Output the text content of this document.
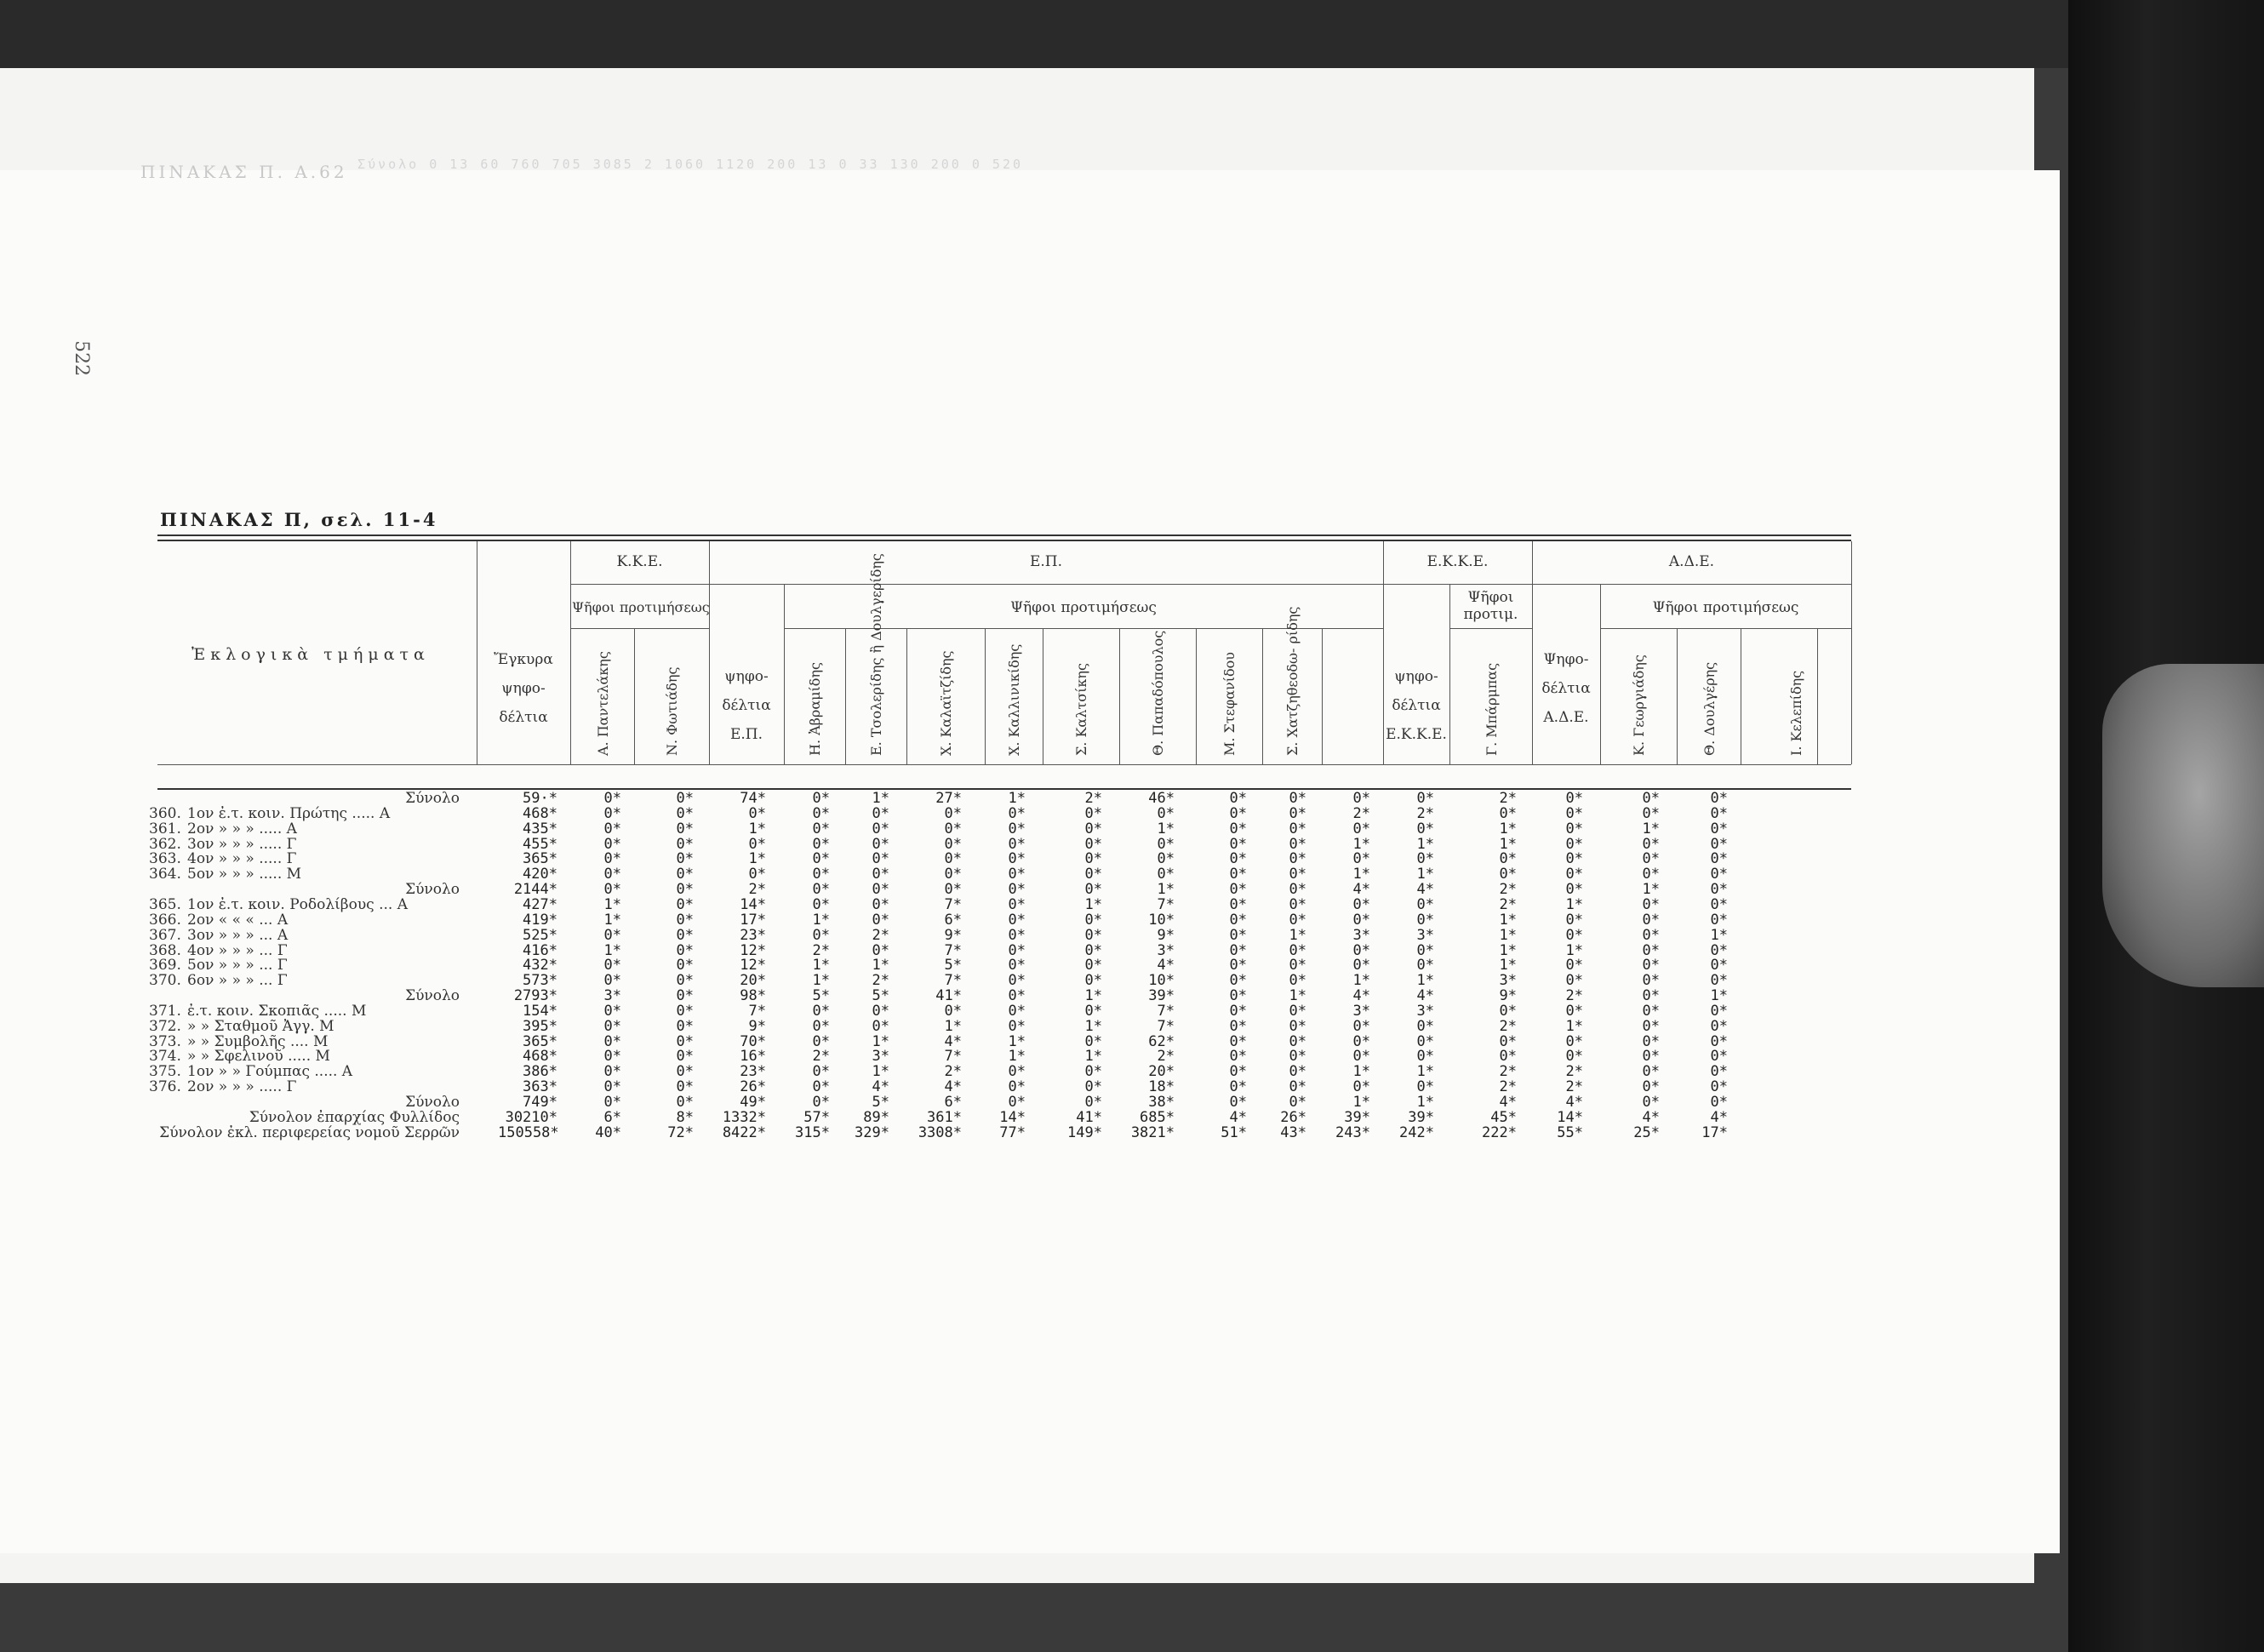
ΠΙΝΑΚΑΣ Π. Α.62 Σύνολο 0 13 60 760 705 3085 2 1060 1120 200 13 0 33 130 200 0 520
522
ΠΙΝΑΚΑΣ Π, σελ. 11-4
Ἐκλογικὰ τμήματα
Κ.Κ.Ε.	Ε.Π.	Ε.Κ.Κ.Ε.	Α.Δ.Ε.
Ψῆφοι προτιμήσεως	Ψῆφοι προτιμήσεως
Ψῆφοι προτιμ.	Ψῆφοι προτιμήσεως
Ἔγκυρα ψηφο- δέλτια
ψηφο- δέλτια Ε.Π.
ψηφο- δέλτια Ε.Κ.Κ.Ε.
Ψηφο- δέλτια Α.Δ.Ε.
Α. Παντελάκης	Ν. Φωτιάδης	Η. Ἀβραμίδης	Ε. Τσολερίδης ἢ Δουλγερίδης	Χ. Καλαϊτζίδης	Χ. Καλλινικίδης	Σ. Καλτσίκης	Θ. Παπαδόπουλος	Μ. Στεφανίδου	Σ. Χατζηθεοδω- ρίδης	Γ. Μπάρμπας	Κ. Γεωργιάδης	Θ. Δουλγέρης	Ι. Κελεπίδης
Σύνολο	59·*	0*	0*	74*	0*	1*	27*	1*	2*	46*	0*	0*	0*	0*	2*	0*	0*	0*
360. 1ον ἐ.τ. κοιν. Πρώτης ..... Α	468*	0*	0*	0*	0*	0*	0*	0*	0*	0*	0*	0*	2*	2*	0*	0*	0*	0*
361. 2ον » » » ..... Α	435*	0*	0*	1*	0*	0*	0*	0*	0*	1*	0*	0*	0*	0*	1*	0*	1*	0*
362. 3ον » » » ..... Γ	455*	0*	0*	0*	0*	0*	0*	0*	0*	0*	0*	0*	1*	1*	1*	0*	0*	0*
363. 4ον » » » ..... Γ	365*	0*	0*	1*	0*	0*	0*	0*	0*	0*	0*	0*	0*	0*	0*	0*	0*	0*
364. 5ον » » » ..... Μ	420*	0*	0*	0*	0*	0*	0*	0*	0*	0*	0*	0*	1*	1*	0*	0*	0*	0*
Σύνολο	2144*	0*	0*	2*	0*	0*	0*	0*	0*	1*	0*	0*	4*	4*	2*	0*	1*	0*
365. 1ον ἐ.τ. κοιν. Ροδολίβους ... Α	427*	1*	0*	14*	0*	0*	7*	0*	1*	7*	0*	0*	0*	0*	2*	1*	0*	0*
366. 2ον « « « ... Α	419*	1*	0*	17*	1*	0*	6*	0*	0*	10*	0*	0*	0*	0*	1*	0*	0*	0*
367. 3ον » » » ... Α	525*	0*	0*	23*	0*	2*	9*	0*	0*	9*	0*	1*	3*	3*	1*	0*	0*	1*
368. 4ον » » » ... Γ	416*	1*	0*	12*	2*	0*	7*	0*	0*	3*	0*	0*	0*	0*	1*	1*	0*	0*
369. 5ον » » » ... Γ	432*	0*	0*	12*	1*	1*	5*	0*	0*	4*	0*	0*	0*	0*	1*	0*	0*	0*
370. 6ον » » » ... Γ	573*	0*	0*	20*	1*	2*	7*	0*	0*	10*	0*	0*	1*	1*	3*	0*	0*	0*
Σύνολο	2793*	3*	0*	98*	5*	5*	41*	0*	1*	39*	0*	1*	4*	4*	9*	2*	0*	1*
371. ἐ.τ. κοιν. Σκοπιᾶς ..... Μ	154*	0*	0*	7*	0*	0*	0*	0*	0*	7*	0*	0*	3*	3*	0*	0*	0*	0*
372. » » Σταθμοῦ Ἀγγ. Μ	395*	0*	0*	9*	0*	0*	1*	0*	1*	7*	0*	0*	0*	0*	2*	1*	0*	0*
373. » » Συμβολῆς .... Μ	365*	0*	0*	70*	0*	1*	4*	1*	0*	62*	0*	0*	0*	0*	0*	0*	0*	0*
374. » » Σφελινοῦ ..... Μ	468*	0*	0*	16*	2*	3*	7*	1*	1*	2*	0*	0*	0*	0*	0*	0*	0*	0*
375. 1ον » » Γούμπας ..... Α	386*	0*	0*	23*	0*	1*	2*	0*	0*	20*	0*	0*	1*	1*	2*	2*	0*	0*
376. 2ον » » » ..... Γ	363*	0*	0*	26*	0*	4*	4*	0*	0*	18*	0*	0*	0*	0*	2*	2*	0*	0*
Σύνολο	749*	0*	0*	49*	0*	5*	6*	0*	0*	38*	0*	0*	1*	1*	4*	4*	0*	0*
Σύνολον ἐπαρχίας Φυλλίδος	30210*	6*	8*	1332*	57*	89*	361*	14*	41*	685*	4*	26*	39*	39*	45*	14*	4*	4*
Σύνολον ἐκλ. περιφερείας νομοῦ Σερρῶν	150558*	40*	72*	8422*	315*	329*	3308*	77*	149*	3821*	51*	43*	243*	242*	222*	55*	25*	17*
